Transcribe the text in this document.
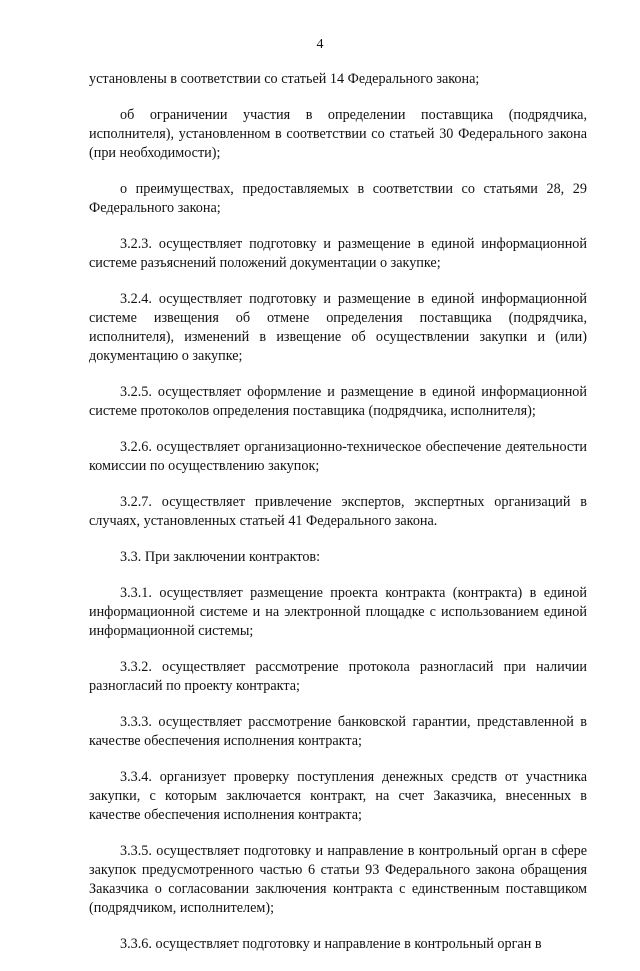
4

установлены в соответствии со статьей 14 Федерального закона;

об ограничении участия в определении поставщика (подрядчика, исполнителя), установленном в соответствии со статьей 30 Федерального закона (при необходимости);

о преимуществах, предоставляемых в соответствии со статьями 28, 29 Федерального закона;

3.2.3. осуществляет подготовку и размещение в единой информационной системе разъяснений положений документации о закупке;

3.2.4. осуществляет подготовку и размещение в единой информационной системе извещения об отмене определения поставщика (подрядчика, исполнителя), изменений в извещение об осуществлении закупки и (или) документацию о закупке;

3.2.5. осуществляет оформление и размещение в единой информационной системе протоколов определения поставщика (подрядчика, исполнителя);

3.2.6. осуществляет организационно-техническое обеспечение деятельности комиссии по осуществлению закупок;

3.2.7. осуществляет привлечение экспертов, экспертных организаций в случаях, установленных статьей 41 Федерального закона.

3.3. При заключении контрактов:

3.3.1. осуществляет размещение проекта контракта (контракта) в единой информационной системе и на электронной площадке с использованием единой информационной системы;

3.3.2. осуществляет рассмотрение протокола разногласий при наличии разногласий по проекту контракта;

3.3.3. осуществляет рассмотрение банковской гарантии, представленной в качестве обеспечения исполнения контракта;

3.3.4. организует проверку поступления денежных средств от участника закупки, с которым заключается контракт, на счет Заказчика, внесенных в качестве обеспечения исполнения контракта;

3.3.5. осуществляет подготовку и направление в контрольный орган в сфере закупок предусмотренного частью 6 статьи 93 Федерального закона обращения Заказчика о согласовании заключения контракта с единственным поставщиком (подрядчиком, исполнителем);

3.3.6. осуществляет подготовку и направление в контрольный орган в
